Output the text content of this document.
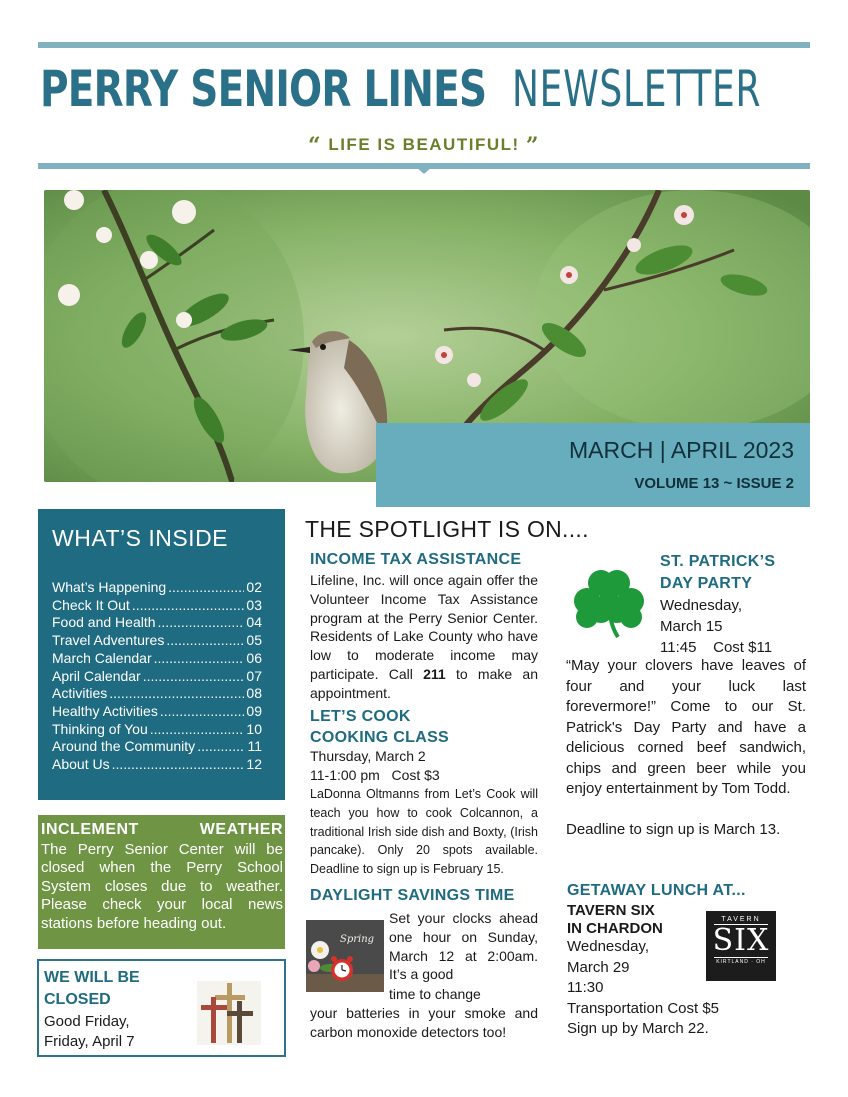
PERRY SENIOR LINES NEWSLETTER
“ LIFE IS BEAUTIFUL! ”
MARCH | APRIL 2023
VOLUME 13 ~ ISSUE 2
WHAT’S INSIDE
What’s Happening .....	02
Check It Out .....	03
Food and Health .....	04
Travel Adventures .....	05
March Calendar .....	06
April Calendar .....	07
Activities .....	08
Healthy Activities .....	09
Thinking of You .....	10
Around the Community .....	11
About Us .....	12
INCLEMENT	WEATHER
The Perry Senior Center will be closed when the Perry School System closes due to weather. Please check your local news stations before heading out.
WE WILL BE
CLOSED
Good Friday,
Friday, April 7
THE SPOTLIGHT IS ON....
INCOME TAX ASSISTANCE
Lifeline, Inc. will once again offer the Volunteer Income Tax Assistance program at the Perry Senior Center. Residents of Lake County who have low to moderate income may participate. Call 211 to make an appointment.
LET’S COOK
COOKING CLASS
Thursday, March 2
11-1:00 pm Cost $3
LaDonna Oltmanns from Let’s Cook will teach you how to cook Colcannon, a traditional Irish side dish and Boxty, (Irish pancake). Only 20 spots available. Deadline to sign up is February 15.
DAYLIGHT SAVINGS TIME
Spring
Set your clocks ahead one hour on Sunday, March 12 at 2:00am. It’s a good
time to change
your batteries in your smoke and carbon monoxide detectors too!
ST. PATRICK’S
DAY PARTY
Wednesday,
March 15
11:45 Cost $11
“May your clovers have leaves of four and your luck last forevermore!” Come to our St. Patrick's Day Party and have a delicious corned beef sandwich, chips and green beer while you enjoy entertainment by Tom Todd.
Deadline to sign up is March 13.
GETAWAY LUNCH AT...
TAVERN SIX
IN CHARDON
Wednesday,
March 29
11:30
Transportation Cost $5
Sign up by March 22.
TAVERN
SIX
KIRTLAND · OH
